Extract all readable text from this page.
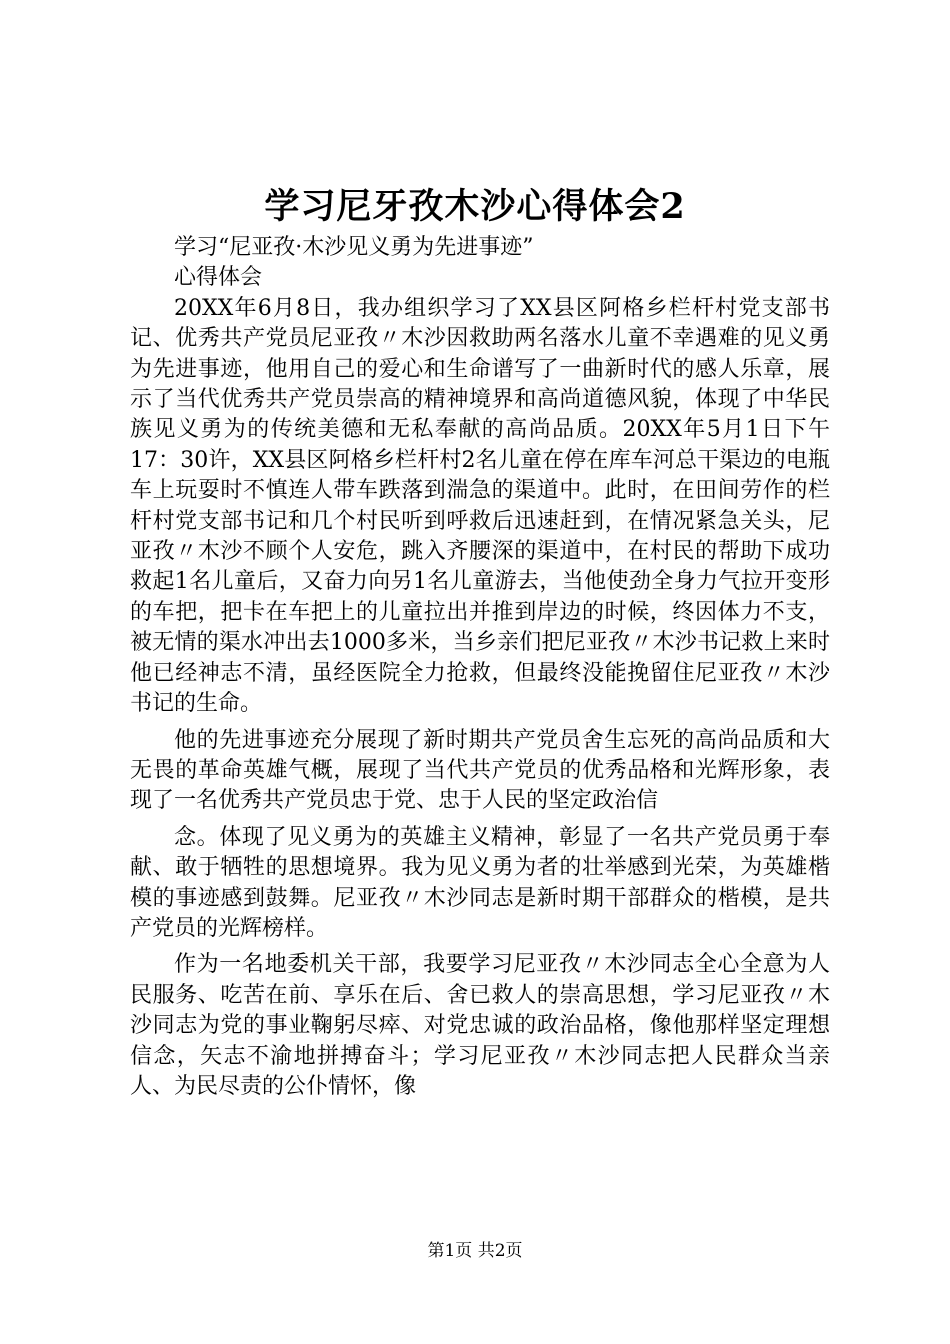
学习尼牙孜木沙心得体会2

学习“尼亚孜·木沙见义勇为先进事迹”

心得体会

20XX年6月8日，我办组织学习了XX县区阿格乡栏杆村党支部书记、优秀共产党员尼亚孜〃木沙因救助两名落水儿童不幸遇难的见义勇为先进事迹，他用自己的爱心和生命谱写了一曲新时代的感人乐章，展示了当代优秀共产党员崇高的精神境界和高尚道德风貌，体现了中华民族见义勇为的传统美德和无私奉献的高尚品质。20XX年5月1日下午17：30许，XX县区阿格乡栏杆村2名儿童在停在库车河总干渠边的电瓶车上玩耍时不慎连人带车跌落到湍急的渠道中。此时，在田间劳作的栏杆村党支部书记和几个村民听到呼救后迅速赶到，在情况紧急关头，尼亚孜〃木沙不顾个人安危，跳入齐腰深的渠道中，在村民的帮助下成功救起1名儿童后，又奋力向另1名儿童游去，当他使劲全身力气拉开变形的车把，把卡在车把上的儿童拉出并推到岸边的时候，终因体力不支，被无情的渠水冲出去1000多米，当乡亲们把尼亚孜〃木沙书记救上来时他已经神志不清，虽经医院全力抢救，但最终没能挽留住尼亚孜〃木沙书记的生命。

他的先进事迹充分展现了新时期共产党员舍生忘死的高尚品质和大无畏的革命英雄气概，展现了当代共产党员的优秀品格和光辉形象，表现了一名优秀共产党员忠于党、忠于人民的坚定政治信

念。体现了见义勇为的英雄主义精神，彰显了一名共产党员勇于奉献、敢于牺牲的思想境界。我为见义勇为者的壮举感到光荣，为英雄楷模的事迹感到鼓舞。尼亚孜〃木沙同志是新时期干部群众的楷模，是共产党员的光辉榜样。

作为一名地委机关干部，我要学习尼亚孜〃木沙同志全心全意为人民服务、吃苦在前、享乐在后、舍已救人的崇高思想，学习尼亚孜〃木沙同志为党的事业鞠躬尽瘁、对党忠诚的政治品格，像他那样坚定理想信念，矢志不渝地拼搏奋斗；学习尼亚孜〃木沙同志把人民群众当亲人、为民尽责的公仆情怀，像

第1页 共2页
